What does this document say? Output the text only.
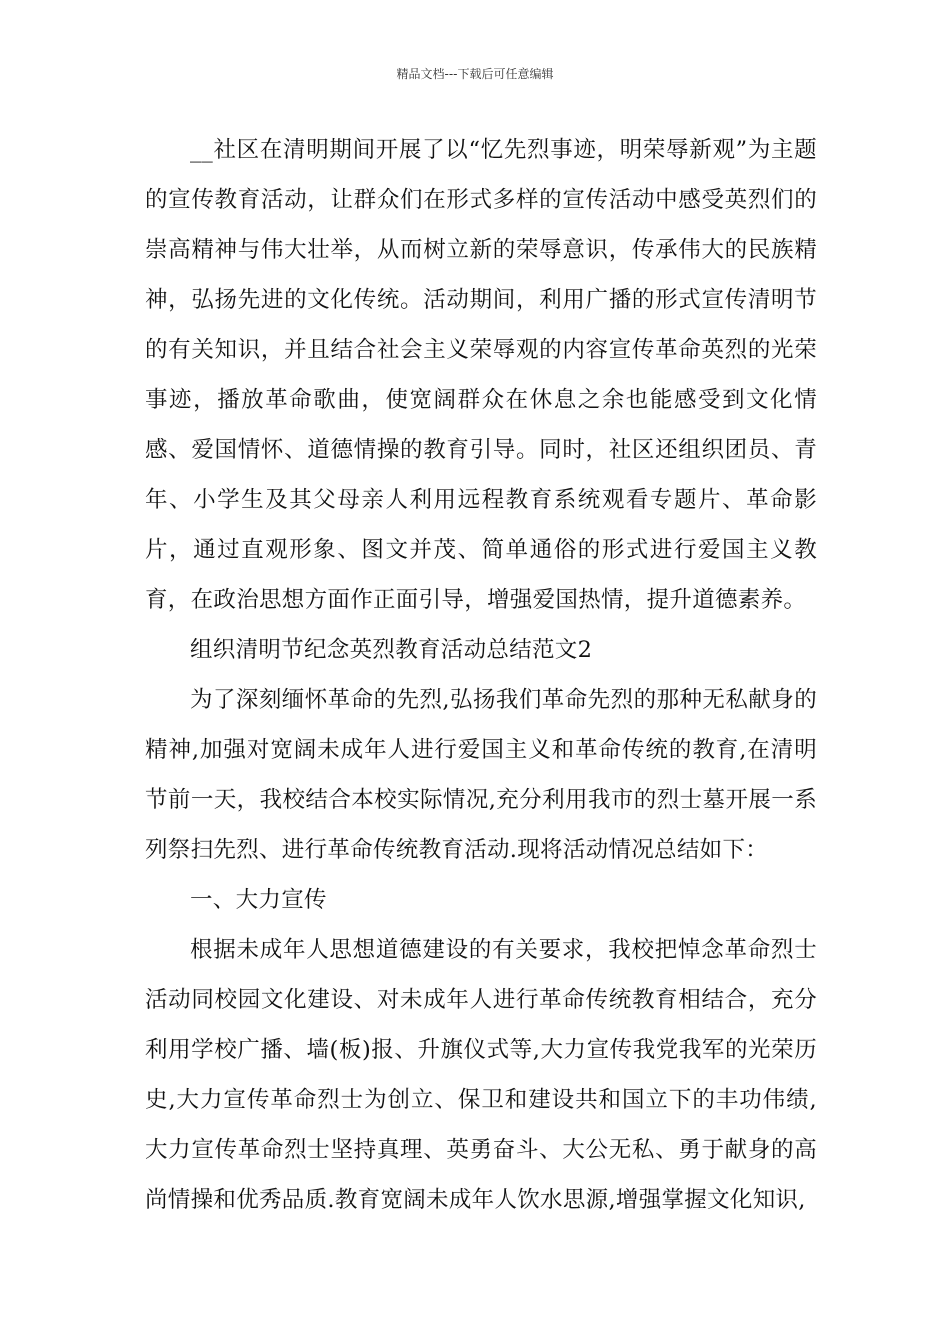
精品文档---下载后可任意编辑

__社区在清明期间开展了以“忆先烈事迹，明荣辱新观”为主题的宣传教育活动，让群众们在形式多样的宣传活动中感受英烈们的崇高精神与伟大壮举，从而树立新的荣辱意识，传承伟大的民族精神，弘扬先进的文化传统。活动期间，利用广播的形式宣传清明节的有关知识，并且结合社会主义荣辱观的内容宣传革命英烈的光荣事迹，播放革命歌曲，使宽阔群众在休息之余也能感受到文化情感、爱国情怀、道德情操的教育引导。同时，社区还组织团员、青年、小学生及其父母亲人利用远程教育系统观看专题片、革命影片，通过直观形象、图文并茂、简单通俗的形式进行爱国主义教育，在政治思想方面作正面引导，增强爱国热情，提升道德素养。

组织清明节纪念英烈教育活动总结范文2

为了深刻缅怀革命的先烈,弘扬我们革命先烈的那种无私献身的精神,加强对宽阔未成年人进行爱国主义和革命传统的教育,在清明节前一天，我校结合本校实际情况,充分利用我市的烈士墓开展一系列祭扫先烈、进行革命传统教育活动.现将活动情况总结如下：

一、大力宣传

根据未成年人思想道德建设的有关要求，我校把悼念革命烈士活动同校园文化建设、对未成年人进行革命传统教育相结合，充分利用学校广播、墙(板)报、升旗仪式等,大力宣传我党我军的光荣历史,大力宣传革命烈士为创立、保卫和建设共和国立下的丰功伟绩,大力宣传革命烈士坚持真理、英勇奋斗、大公无私、勇于献身的高尚情操和优秀品质.教育宽阔未成年人饮水思源,增强掌握文化知识,
